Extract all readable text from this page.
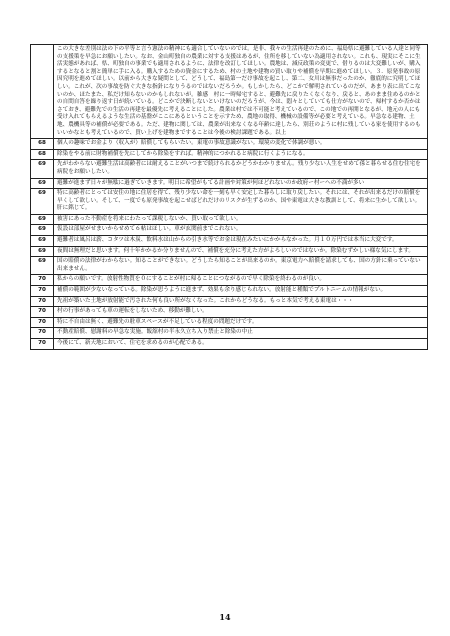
	この大きな差別は法の下の平等と言う憲法の精神にも適合していないのでは。是非、我々の生活再建のために、福島県に避難している人達と同等の支援策を早急にお願いしたい。なお、金山町独自の農業に対する支援はあるが、住所を移していない為適用されない。これも、現実にそこに生活実態があれば、県、町独自の事業でも適用されるように、法律を改訂してほしい。農地は、減反政策の変更で、借りるのは大変難しいが、購入するとなると割と簡単に手に入る。購入するための資金にするため、村の土地や建物の買い取りや補償を早期に進めてほしい。３．原発事故の原因究明を進めてほしい。以前から大きな疑問として、どうして、福島第一だけ事故を起こし、第二、女川は無事だったのか、徹底的に究明してほしい。これが、次の事故を防ぐ大きな指針になりうるのではないだろうか。もしかしたら、どこかで解明されているのだが、あまり表に出てこないのか、ほたまた、私だけ知らないのかもしれないが。雑感　村に一時帰宅すると、避難先に戻りたくなくなり、戻ると、あのまま住めるのかとの自問自答を繰り返す日が続いている。どこかで決断しないといけないのだろうが、今は、悶々としていても仕方がないので、帰村するか否かはさておき、避難先での生活の再建を最優先に考えることにした。農業は村では不可能と考えているので、この地での再開となるが、地元の人にも受け入れてもらえるような生活の基盤がここにあるということを示すため、農地の取得、機械の設備等が必要と考えている。早急なる建物、土地、農機具等の補償が必要である。ただ、建物に関しては、農業が出来なくなる年齢に達したら、別荘のように村に残している家を使用するのもいいかなとも考えているので、買い上げを建物まですることは今後の検討課題である。以上
68	個人の趣味でお金より（収入が）賠償してもらいたい。東電の事故意識がない。環境の変化で体調が悪い。
68	除染をやる前に財物補償を先にしてから除染をすれば。精神的につかれると病院に行くようになる。
69	先がわからない避難生活は高齢者には耐えることがいつまで続けられるかどうかわかりません。残り少ない人生をせめて孫と暮らせる住む住宅を病院をお願いしたい。
69	避難が進まず日々が無駄に過ぎていきます。明日に希望がもてる計画や対策が何ほどれないのか政府ー村ーへの不満が多い
69	特に高齢者にとっては安住の地に住居を得て、残り少ない命を一刻も早く安定した暮らしに取り戻したい。それには、それが出来るだけの賠償を早くして欲しい。そして、一度でも原発事故を起こせばどれだけのリスクが生ずるのか、国や東電は大きな教訓として、将来に生かして欲しい。肝に銘じて。
69	被害にあった不動産を将来にわたって課税しないか、買い取って欲しい。
69	仮設は部屋がせまいからせめて６帖はほしい。車が玄関前までこれない。
69	避難者は風呂は薪、コタツは木炭、飲料水は山からの引き水等でお金は現在みたいにかからなかった。月１０万円では本当に大変です。
69	夜間は無理だと思います。何十年かかるか分りませんので、補償を充分に考えた方がよろしいのではないか。除染むずかしい様な気にします。
69	国の賠償の法律がわからない。知ることができない。どうしたら知ることが出来るのか。東京電力へ賠償を請求しても、国の方針に乗っていない出来ません。
70	私からの願いです。放射性物質を０にすることが村に帰ることにつながるので早く除染を終わるのが良い。
70	補償の範囲が少ないなっている。除染が思うように進まず、効果も余り感じられない。放射能と種類でプルトニームの情報がない。
70	先祖が築いた土地が放射能で汚された何も良い所がなくなった。これからどうなる。もっと本気で考える東電は・・・
70	村の行事があっても車の運転をしないため、移動が難しい。
70	特に不自由は無く、避難先の駐車スペースが不足している程度の問題だけです。
70	不動産賠償、慰謝料の早急な実施。飯舘村の半永久立ち入り禁止と除染の中止
70	今後にて、新天地において、住宅を求めるのが心配である。
14
